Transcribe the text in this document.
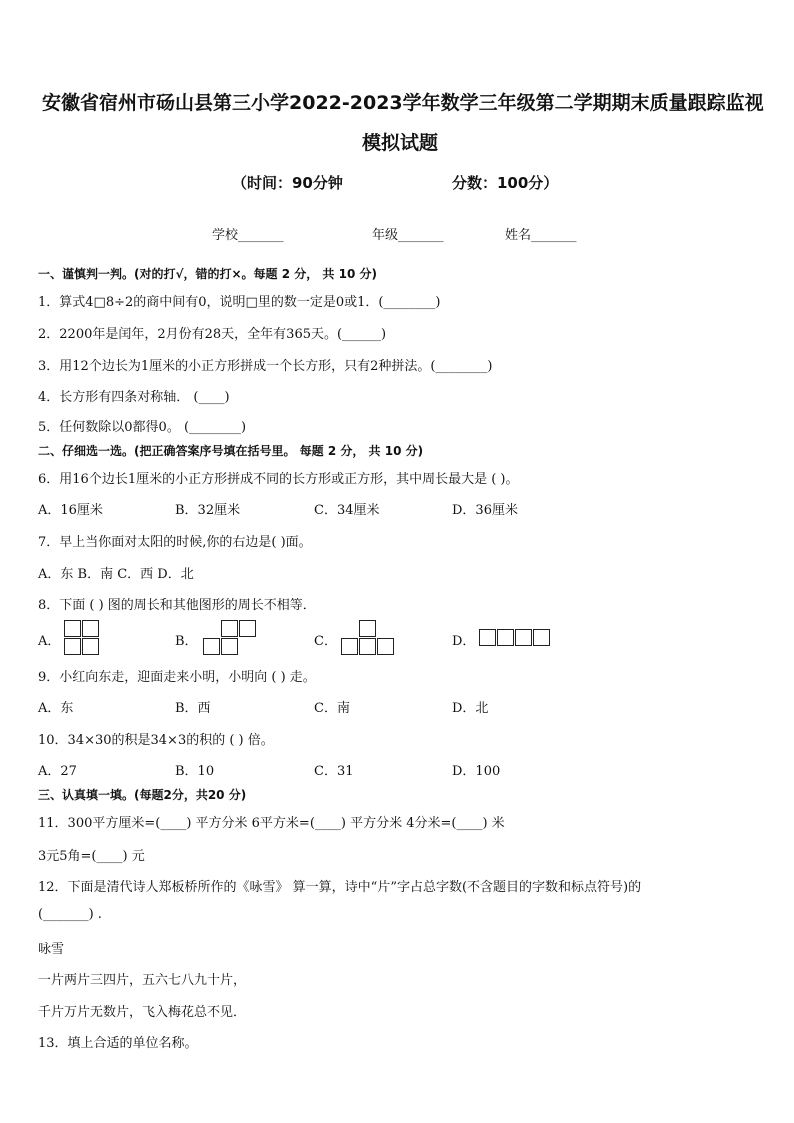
安徽省宿州市砀山县第三小学2022-2023学年数学三年级第二学期期末质量跟踪监视
模拟试题
（时间：90分钟	分数：100分）
学校_______	年级_______	姓名_______
一、谨慎判一判。(对的打√，错的打×。每题 2 分， 共 10 分)
1．算式4□8÷2的商中间有0，说明□里的数一定是0或1．(________)
2．2200年是闰年，2月份有28天，全年有365天。(______)
3．用12个边长为1厘米的小正方形拼成一个长方形，只有2种拼法。(________)
4．长方形有四条对称轴． (____)
5．任何数除以0都得0。 (________)
二、仔细选一选。(把正确答案序号填在括号里。 每题 2 分， 共 10 分)
6．用16个边长1厘米的小正方形拼成不同的长方形或正方形，其中周长最大是 ( )。
A．16厘米	B．32厘米	C．34厘米	D．36厘米
7．早上当你面对太阳的时候,你的右边是( )面。
A．东 B．南 C．西 D．北
8．下面 ( ) 图的周长和其他图形的周长不相等．
A．	B．	C．	D．
9．小红向东走，迎面走来小明，小明向 ( ) 走。
A．东	B．西	C．南	D．北
10．34×30的积是34×3的积的 ( ) 倍。
A．27	B．10	C．31	D．100
三、认真填一填。(每题2分，共20 分)
11．300平方厘米=(____) 平方分米 6平方米=(____) 平方分米 4分米=(____) 米
3元5角=(____) 元
12．下面是清代诗人郑板桥所作的《咏雪》 算一算，诗中“片”字占总字数(不含题目的字数和标点符号)的
(_______) .
咏雪
一片两片三四片，五六七八九十片，
千片万片无数片，飞入梅花总不见．
13．填上合适的单位名称。
